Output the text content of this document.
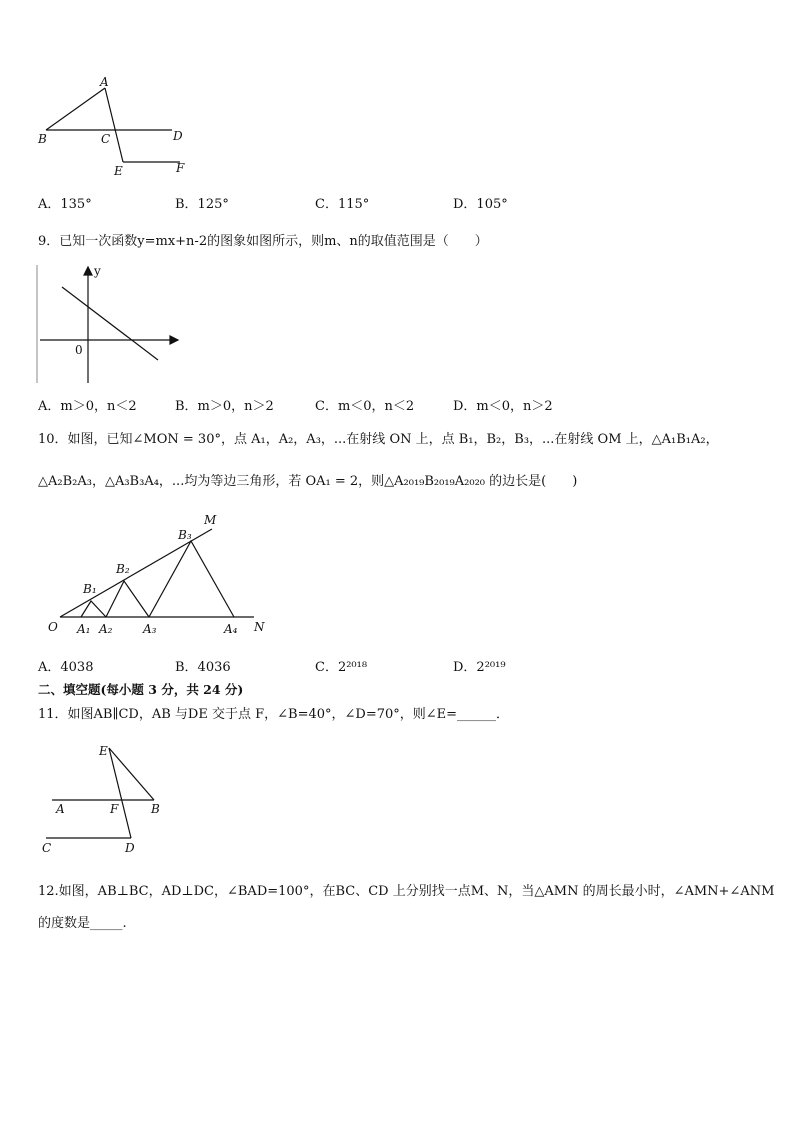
A
B	C	D
E	F
A．135°	B．125°	C．115°	D．105°
9．已知一次函数y=mx+n-2的图象如图所示，则m、n的取值范围是（　　）
y
0
A．m＞0，n＜2	B．m＞0，n＞2	C．m＜0，n＜2	D．m＜0，n＞2
10．如图，已知∠MON = 30°，点 A₁，A₂，A₃，...在射线 ON 上，点 B₁，B₂，B₃，...在射线 OM 上，△A₁B₁A₂，
△A₂B₂A₃，△A₃B₃A₄，...均为等边三角形，若 OA₁ = 2，则△A₂₀₁₉B₂₀₁₉A₂₀₂₀ 的边长是(　　)
O
M
N
A₁ A₂	A₃	A₄
B₁
B₂
B₃
A．4038	B．4036	C．2²⁰¹⁸	D．2²⁰¹⁹
二、填空题(每小题 3 分，共 24 分)
11．如图AB∥CD，AB 与DE 交于点 F，∠B=40°，∠D=70°，则∠E=______．
E
A	F	B
C	D
12.如图，AB⊥BC，AD⊥DC，∠BAD=100°，在BC、CD 上分别找一点M、N，当△AMN 的周长最小时，∠AMN+∠ANM
的度数是_____.
